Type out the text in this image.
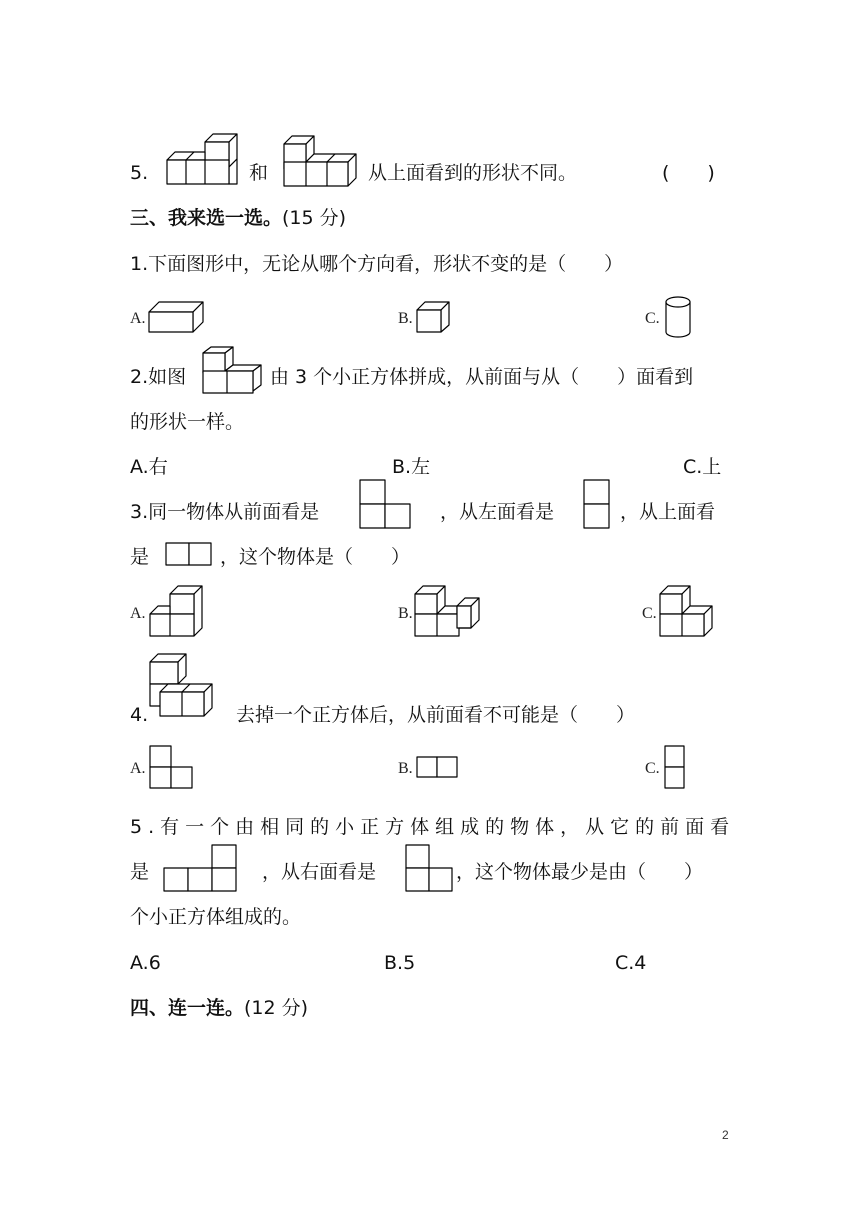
5.	和	从上面看到的形状不同。	(　　)
三、我来选一选。(15 分)
1.下面图形中，无论从哪个方向看，形状不变的是（　　）
A.	B.	C.
2.如图	由 3 个小正方体拼成，从前面与从（　　）面看到
的形状一样。
A.右	B.左	C.上
3.同一物体从前面看是	，从左面看是	，从上面看
是	，这个物体是（　　）
A.	B.	C.
4.	去掉一个正方体后，从前面看不可能是（　　）
A.	B.	C.
5.有一个由相同的小正方体组成的物体，从它的前面看
是	，从右面看是	，这个物体最少是由（　　）
个小正方体组成的。
A.6	B.5	C.4
四、连一连。(12 分)
2
